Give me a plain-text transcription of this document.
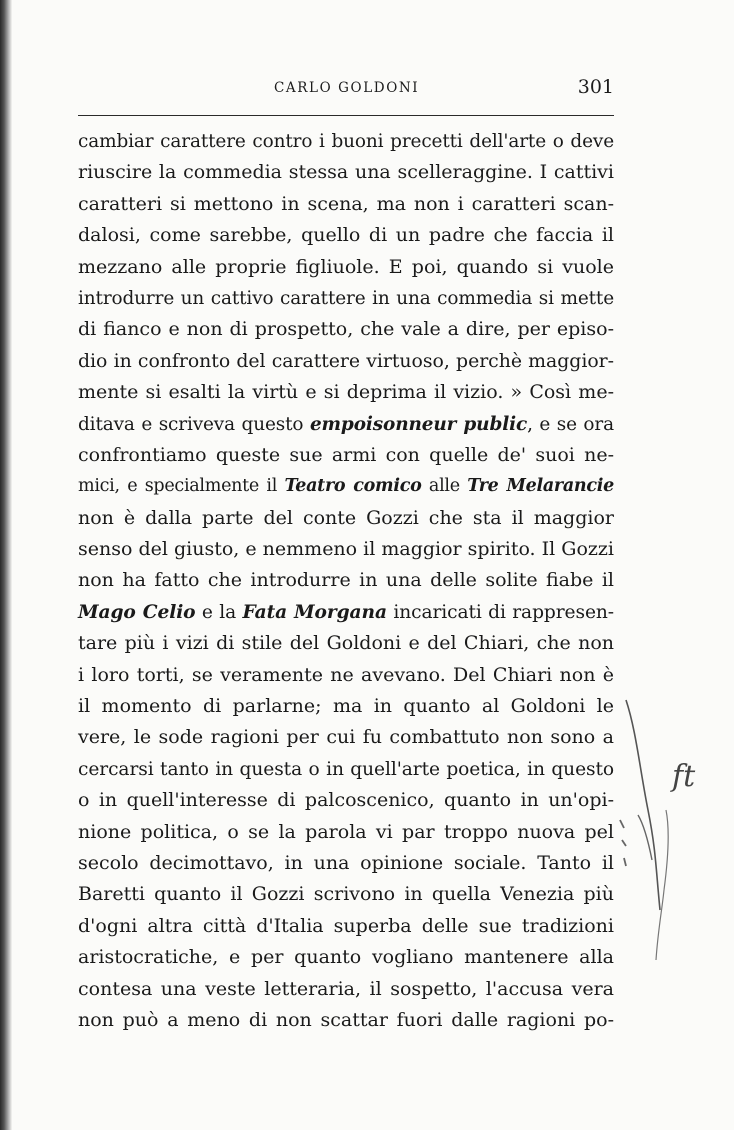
CARLO GOLDONI	301
cambiar carattere contro i buoni precetti dell'arte o deve
riuscire la commedia stessa una scelleraggine. I cattivi
caratteri si mettono in scena, ma non i caratteri scan-
dalosi, come sarebbe, quello di un padre che faccia il
mezzano alle proprie figliuole. E poi, quando si vuole
introdurre un cattivo carattere in una commedia si mette
di fianco e non di prospetto, che vale a dire, per episo-
dio in confronto del carattere virtuoso, perchè maggior-
mente si esalti la virtù e si deprima il vizio. » Così me-
ditava e scriveva questo empoisonneur public, e se ora
confrontiamo queste sue armi con quelle de' suoi ne-
mici, e specialmente il Teatro comico alle Tre Melarancie
non è dalla parte del conte Gozzi che sta il maggior
senso del giusto, e nemmeno il maggior spirito. Il Gozzi
non ha fatto che introdurre in una delle solite fiabe il
Mago Celio e la Fata Morgana incaricati di rappresen-
tare più i vizi di stile del Goldoni e del Chiari, che non
i loro torti, se veramente ne avevano. Del Chiari non è
il momento di parlarne; ma in quanto al Goldoni le
vere, le sode ragioni per cui fu combattuto non sono a
cercarsi tanto in questa o in quell'arte poetica, in questo
o in quell'interesse di palcoscenico, quanto in un'opi-
nione politica, o se la parola vi par troppo nuova pel
secolo decimottavo, in una opinione sociale. Tanto il
Baretti quanto il Gozzi scrivono in quella Venezia più
d'ogni altra città d'Italia superba delle sue tradizioni
aristocratiche, e per quanto vogliano mantenere alla
contesa una veste letteraria, il sospetto, l'accusa vera
non può a meno di non scattar fuori dalle ragioni po-
ft
